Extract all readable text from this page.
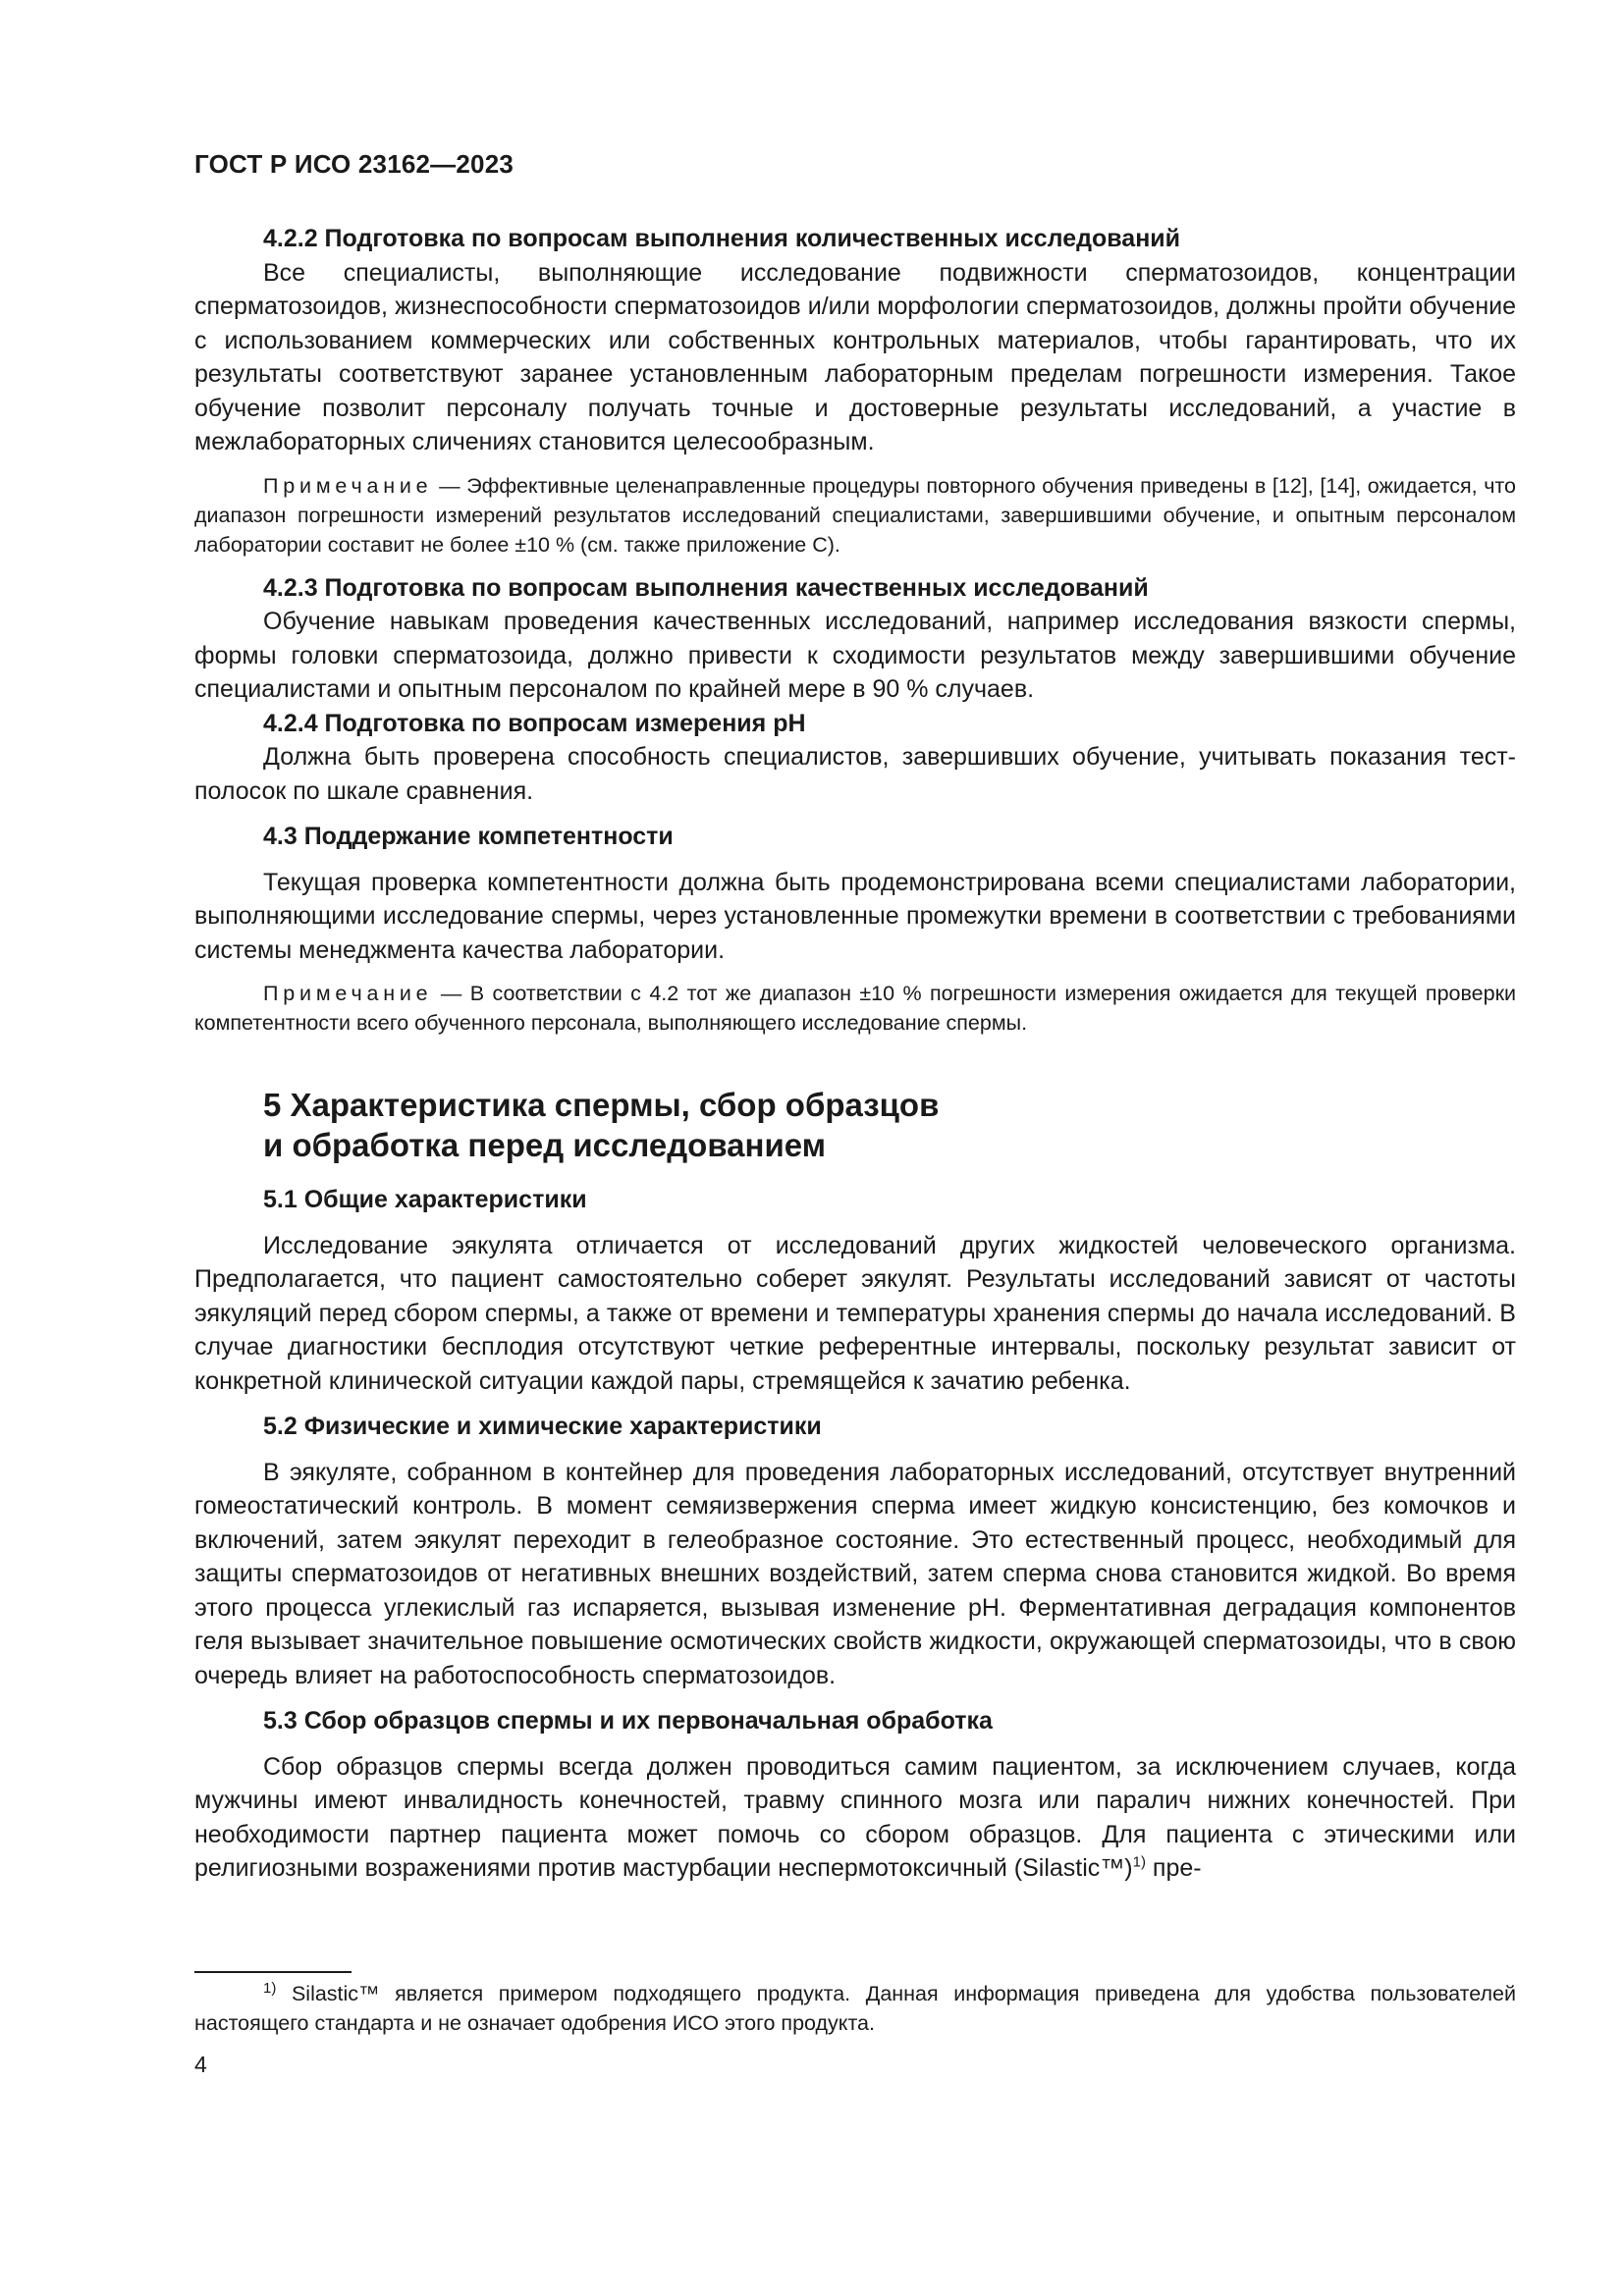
ГОСТ Р ИСО 23162—2023

4.2.2 Подготовка по вопросам выполнения количественных исследований

Все специалисты, выполняющие исследование подвижности сперматозоидов, концентрации сперматозоидов, жизнеспособности сперматозоидов и/или морфологии сперматозоидов, должны пройти обучение с использованием коммерческих или собственных контрольных материалов, чтобы гарантировать, что их результаты соответствуют заранее установленным лабораторным пределам погрешности измерения. Такое обучение позволит персоналу получать точные и достоверные результаты исследований, а участие в межлабораторных сличениях становится целесообразным.

Примечание — Эффективные целенаправленные процедуры повторного обучения приведены в [12], [14], ожидается, что диапазон погрешности измерений результатов исследований специалистами, завершившими обучение, и опытным персоналом лаборатории составит не более ±10 % (см. также приложение С).

4.2.3 Подготовка по вопросам выполнения качественных исследований

Обучение навыкам проведения качественных исследований, например исследования вязкости спермы, формы головки сперматозоида, должно привести к сходимости результатов между завершившими обучение специалистами и опытным персоналом по крайней мере в 90 % случаев.

4.2.4 Подготовка по вопросам измерения рН

Должна быть проверена способность специалистов, завершивших обучение, учитывать показания тест-полосок по шкале сравнения.

4.3 Поддержание компетентности

Текущая проверка компетентности должна быть продемонстрирована всеми специалистами лаборатории, выполняющими исследование спермы, через установленные промежутки времени в соответствии с требованиями системы менеджмента качества лаборатории.

Примечание — В соответствии с 4.2 тот же диапазон ±10 % погрешности измерения ожидается для текущей проверки компетентности всего обученного персонала, выполняющего исследование спермы.

5 Характеристика спермы, сбор образцов

и обработка перед исследованием

5.1 Общие характеристики

Исследование эякулята отличается от исследований других жидкостей человеческого организма. Предполагается, что пациент самостоятельно соберет эякулят. Результаты исследований зависят от частоты эякуляций перед сбором спермы, а также от времени и температуры хранения спермы до начала исследований. В случае диагностики бесплодия отсутствуют четкие референтные интервалы, поскольку результат зависит от конкретной клинической ситуации каждой пары, стремящейся к зачатию ребенка.

5.2 Физические и химические характеристики

В эякуляте, собранном в контейнер для проведения лабораторных исследований, отсутствует внутренний гомеостатический контроль. В момент семяизвержения сперма имеет жидкую консистенцию, без комочков и включений, затем эякулят переходит в гелеобразное состояние. Это естественный процесс, необходимый для защиты сперматозоидов от негативных внешних воздействий, затем сперма снова становится жидкой. Во время этого процесса углекислый газ испаряется, вызывая изменение рН. Ферментативная деградация компонентов геля вызывает значительное повышение осмотических свойств жидкости, окружающей сперматозоиды, что в свою очередь влияет на работоспособность сперматозоидов.

5.3 Сбор образцов спермы и их первоначальная обработка

Сбор образцов спермы всегда должен проводиться самим пациентом, за исключением случаев, когда мужчины имеют инвалидность конечностей, травму спинного мозга или паралич нижних конечностей. При необходимости партнер пациента может помочь со сбором образцов. Для пациента с этическими или религиозными возражениями против мастурбации неспермотоксичный (Silastic™)$^{1)}$ пре-

$^{1)}$ Silastic™ является примером подходящего продукта. Данная информация приведена для удобства пользователей настоящего стандарта и не означает одобрения ИСО этого продукта.

4
